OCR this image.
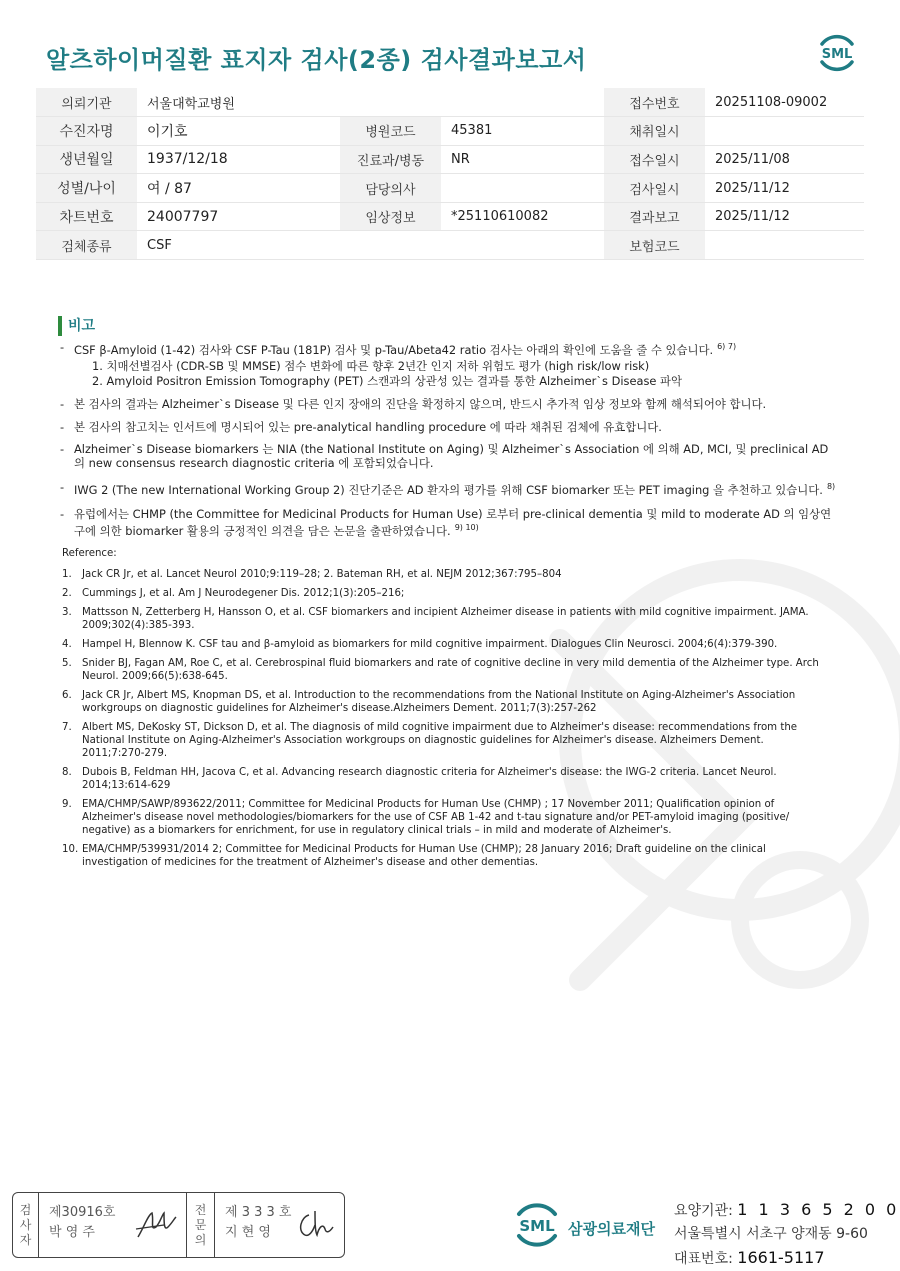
알츠하이머질환 표지자 검사(2종) 검사결과보고서	SML
의뢰기관	서울대학교병원			접수번호	20251108-09002
수진자명	이기호	병원코드	45381	채취일시	
생년월일	1937/12/18	진료과/병동	NR	접수일시	2025/11/08
성별/나이	여 / 87	담당의사		검사일시	2025/11/12
차트번호	24007797	임상정보	*25110610082	결과보고	2025/11/12
검체종류	CSF			보험코드	
비고
- CSF β-Amyloid (1-42) 검사와 CSF P-Tau (181P) 검사 및 p-Tau/Abeta42 ratio 검사는 아래의 확인에 도움을 줄 수 있습니다. $^{6) 7)}$
1. 치매선별검사 (CDR-SB 및 MMSE) 점수 변화에 따른 향후 2년간 인지 저하 위험도 평가 (high risk/low risk)
2. Amyloid Positron Emission Tomography (PET) 스캔과의 상관성 있는 결과를 통한 Alzheimer`s Disease 파악
- 본 검사의 결과는 Alzheimer`s Disease 및 다른 인지 장애의 진단을 확정하지 않으며, 반드시 추가적 임상 정보와 함께 해석되어야 합니다.
- 본 검사의 참고치는 인서트에 명시되어 있는 pre-analytical handling procedure 에 따라 채취된 검체에 유효합니다.
- Alzheimer`s Disease biomarkers 는 NIA (the National Institute on Aging) 및 Alzheimer`s Association 에 의해 AD, MCI, 및 preclinical AD 의 new consensus research diagnostic criteria 에 포함되었습니다.
- IWG 2 (The new International Working Group 2) 진단기준은 AD 환자의 평가를 위해 CSF biomarker 또는 PET imaging 을 추천하고 있습니다. $^{8)}$
- 유럽에서는 CHMP (the Committee for Medicinal Products for Human Use) 로부터 pre-clinical dementia 및 mild to moderate AD 의 임상연구에 의한 biomarker 활용의 긍정적인 의견을 담은 논문을 출판하였습니다. $^{9) 10)}$
Reference:
1. Jack CR Jr, et al. Lancet Neurol 2010;9:119–28; 2. Bateman RH, et al. NEJM 2012;367:795–804
2. Cummings J, et al. Am J Neurodegener Dis. 2012;1(3):205–216;
3. Mattsson N, Zetterberg H, Hansson O, et al. CSF biomarkers and incipient Alzheimer disease in patients with mild cognitive impairment. JAMA. 2009;302(4):385-393.
4. Hampel H, Blennow K. CSF tau and β-amyloid as biomarkers for mild cognitive impairment. Dialogues Clin Neurosci. 2004;6(4):379-390.
5. Snider BJ, Fagan AM, Roe C, et al. Cerebrospinal fluid biomarkers and rate of cognitive decline in very mild dementia of the Alzheimer type. Arch Neurol. 2009;66(5):638-645.
6. Jack CR Jr, Albert MS, Knopman DS, et al. Introduction to the recommendations from the National Institute on Aging-Alzheimer's Association workgroups on diagnostic guidelines for Alzheimer's disease.Alzheimers Dement. 2011;7(3):257-262
7. Albert MS, DeKosky ST, Dickson D, et al. The diagnosis of mild cognitive impairment due to Alzheimer's disease: recommendations from the National Institute on Aging-Alzheimer's Association workgroups on diagnostic guidelines for Alzheimer's disease. Alzheimers Dement. 2011;7:270-279.
8. Dubois B, Feldman HH, Jacova C, et al. Advancing research diagnostic criteria for Alzheimer's disease: the IWG-2 criteria. Lancet Neurol. 2014;13:614-629
9. EMA/CHMP/SAWP/893622/2011; Committee for Medicinal Products for Human Use (CHMP) ; 17 November 2011; Qualification opinion of Alzheimer's disease novel methodologies/biomarkers for the use of CSF AB 1-42 and t-tau signature and/or PET-amyloid imaging (positive/ negative) as a biomarkers for enrichment, for use in regulatory clinical trials – in mild and moderate of Alzheimer's.
10. EMA/CHMP/539931/2014 2; Committee for Medicinal Products for Human Use (CHMP); 28 January 2016; Draft guideline on the clinical investigation of medicines for the treatment of Alzheimer's disease and other dementias.
검 사 자
제30916호
박 영 주
전 문 의
제 3 3 3 호
지 현 영	SML 삼광의료재단
요양기관: 1 1 3 6 5 2 0 0
서울특별시 서초구 양재동 9-60
대표번호: 1661-5117
